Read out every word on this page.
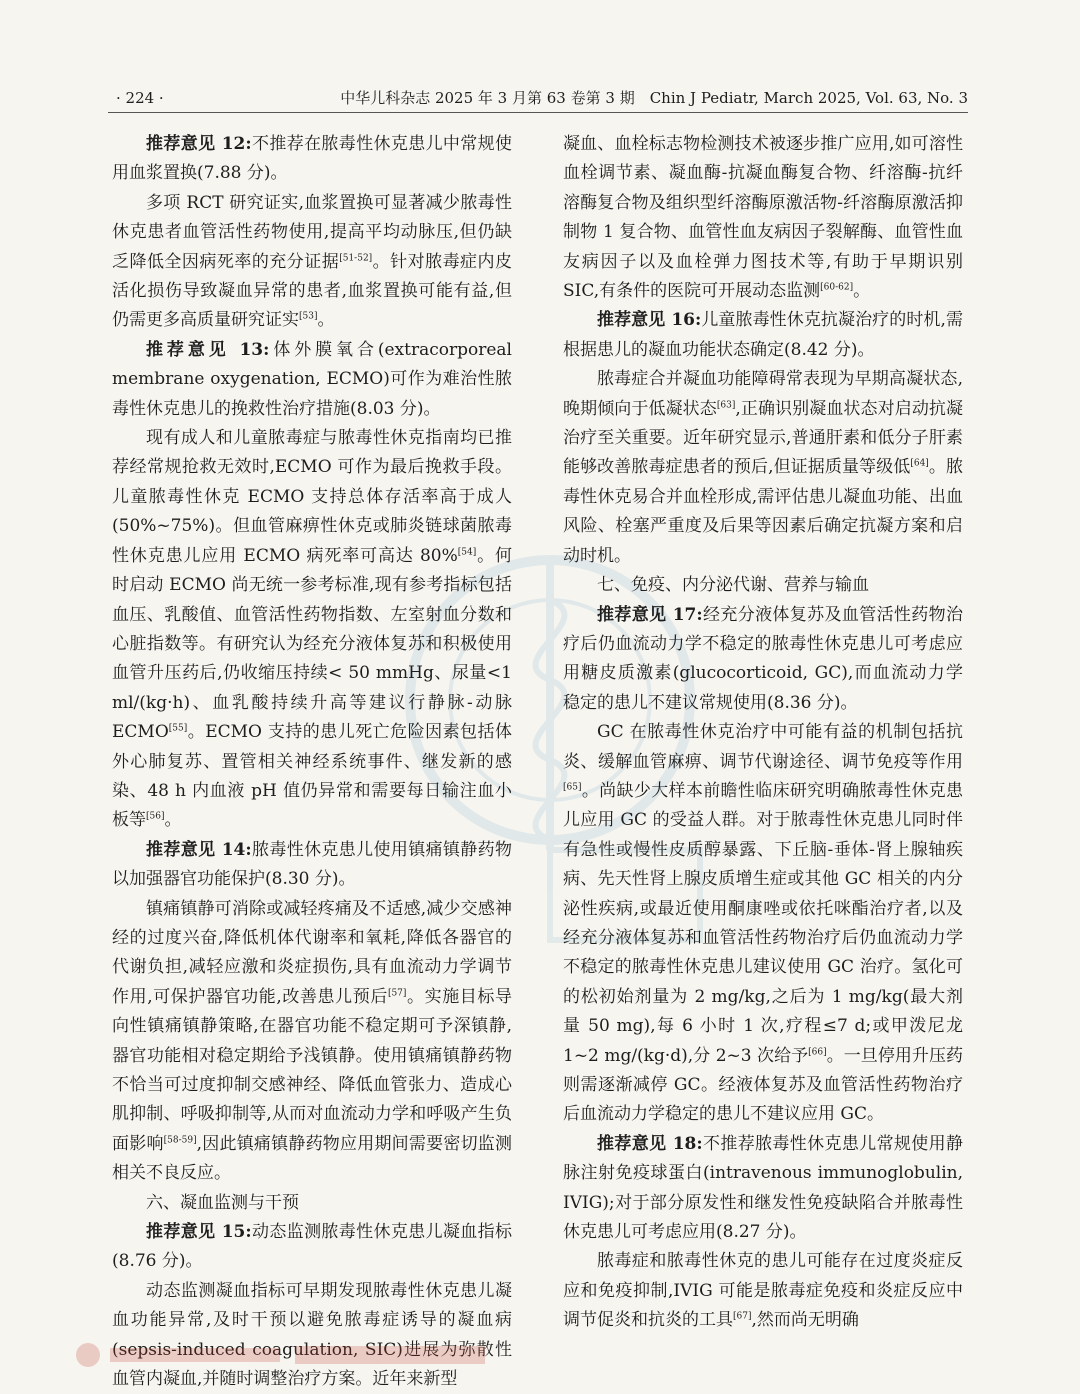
· 224 ·	中华儿科杂志 2025 年 3 月第 63 卷第 3 期　Chin J Pediatr, March 2025, Vol. 63, No. 3

推荐意见 12:不推荐在脓毒性休克患儿中常规使用血浆置换(7.88 分)。

多项 RCT 研究证实,血浆置换可显著减少脓毒性休克患者血管活性药物使用,提高平均动脉压,但仍缺乏降低全因病死率的充分证据[51-52]。针对脓毒症内皮活化损伤导致凝血异常的患者,血浆置换可能有益,但仍需更多高质量研究证实[53]。

推荐意见 13:体外膜氧合(extracorporeal membrane oxygenation, ECMO)可作为难治性脓毒性休克患儿的挽救性治疗措施(8.03 分)。

现有成人和儿童脓毒症与脓毒性休克指南均已推荐经常规抢救无效时,ECMO 可作为最后挽救手段。儿童脓毒性休克 ECMO 支持总体存活率高于成人(50%~75%)。但血管麻痹性休克或肺炎链球菌脓毒性休克患儿应用 ECMO 病死率可高达 80%[54]。何时启动 ECMO 尚无统一参考标准,现有参考指标包括血压、乳酸值、血管活性药物指数、左室射血分数和心脏指数等。有研究认为经充分液体复苏和积极使用血管升压药后,仍收缩压持续< 50 mmHg、尿量<1 ml/(kg·h)、血乳酸持续升高等建议行静脉-动脉 ECMO[55]。ECMO 支持的患儿死亡危险因素包括体外心肺复苏、置管相关神经系统事件、继发新的感染、48 h 内血液 pH 值仍异常和需要每日输注血小板等[56]。

推荐意见 14:脓毒性休克患儿使用镇痛镇静药物以加强器官功能保护(8.30 分)。

镇痛镇静可消除或减轻疼痛及不适感,减少交感神经的过度兴奋,降低机体代谢率和氧耗,降低各器官的代谢负担,减轻应激和炎症损伤,具有血流动力学调节作用,可保护器官功能,改善患儿预后[57]。实施目标导向性镇痛镇静策略,在器官功能不稳定期可予深镇静,器官功能相对稳定期给予浅镇静。使用镇痛镇静药物不恰当可过度抑制交感神经、降低血管张力、造成心肌抑制、呼吸抑制等,从而对血流动力学和呼吸产生负面影响[58-59],因此镇痛镇静药物应用期间需要密切监测相关不良反应。

六、凝血监测与干预

推荐意见 15:动态监测脓毒性休克患儿凝血指标(8.76 分)。

动态监测凝血指标可早期发现脓毒性休克患儿凝血功能异常,及时干预以避免脓毒症诱导的凝血病(sepsis-induced coagulation, SIC)进展为弥散性血管内凝血,并随时调整治疗方案。近年来新型

凝血、血栓标志物检测技术被逐步推广应用,如可溶性血栓调节素、凝血酶-抗凝血酶复合物、纤溶酶-抗纤溶酶复合物及组织型纤溶酶原激活物-纤溶酶原激活抑制物 1 复合物、血管性血友病因子裂解酶、血管性血友病因子以及血栓弹力图技术等,有助于早期识别 SIC,有条件的医院可开展动态监测[60-62]。

推荐意见 16:儿童脓毒性休克抗凝治疗的时机,需根据患儿的凝血功能状态确定(8.42 分)。

脓毒症合并凝血功能障碍常表现为早期高凝状态,晚期倾向于低凝状态[63],正确识别凝血状态对启动抗凝治疗至关重要。近年研究显示,普通肝素和低分子肝素能够改善脓毒症患者的预后,但证据质量等级低[64]。脓毒性休克易合并血栓形成,需评估患儿凝血功能、出血风险、栓塞严重度及后果等因素后确定抗凝方案和启动时机。

七、免疫、内分泌代谢、营养与输血

推荐意见 17:经充分液体复苏及血管活性药物治疗后仍血流动力学不稳定的脓毒性休克患儿可考虑应用糖皮质激素(glucocorticoid, GC),而血流动力学稳定的患儿不建议常规使用(8.36 分)。

GC 在脓毒性休克治疗中可能有益的机制包括抗炎、缓解血管麻痹、调节代谢途径、调节免疫等作用[65]。尚缺少大样本前瞻性临床研究明确脓毒性休克患儿应用 GC 的受益人群。对于脓毒性休克患儿同时伴有急性或慢性皮质醇暴露、下丘脑-垂体-肾上腺轴疾病、先天性肾上腺皮质增生症或其他 GC 相关的内分泌性疾病,或最近使用酮康唑或依托咪酯治疗者,以及经充分液体复苏和血管活性药物治疗后仍血流动力学不稳定的脓毒性休克患儿建议使用 GC 治疗。氢化可的松初始剂量为 2 mg/kg,之后为 1 mg/kg(最大剂量 50 mg),每 6 小时 1 次,疗程≤7 d;或甲泼尼龙 1~2 mg/(kg·d),分 2~3 次给予[66]。一旦停用升压药则需逐渐减停 GC。经液体复苏及血管活性药物治疗后血流动力学稳定的患儿不建议应用 GC。

推荐意见 18:不推荐脓毒性休克患儿常规使用静脉注射免疫球蛋白(intravenous immunoglobulin, IVIG);对于部分原发性和继发性免疫缺陷合并脓毒性休克患儿可考虑应用(8.27 分)。

脓毒症和脓毒性休克的患儿可能存在过度炎症反应和免疫抑制,IVIG 可能是脓毒症免疫和炎症反应中调节促炎和抗炎的工具[67],然而尚无明确
